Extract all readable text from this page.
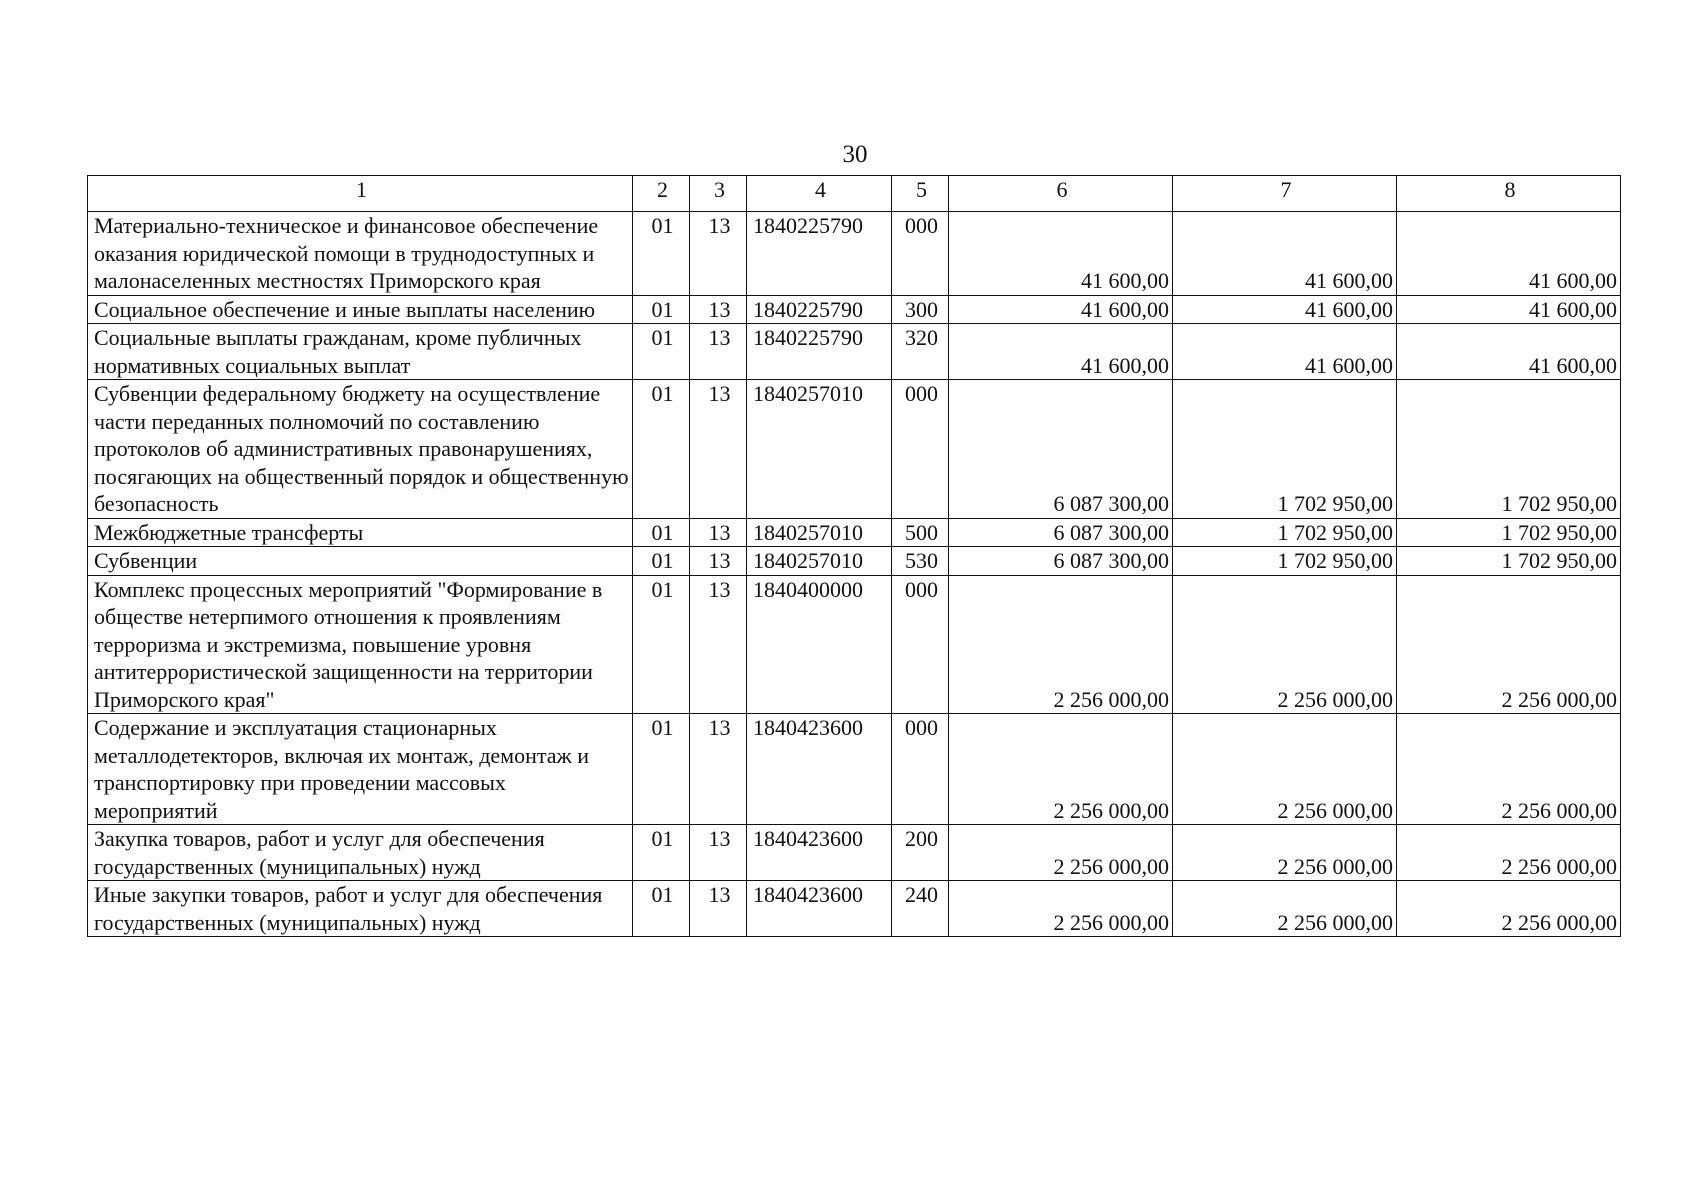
30
1	2	3	4	5	6	7	8
Материально-техническое и финансовое обеспечение оказания юридической помощи в труднодоступных и малонаселенных местностях Приморского края	01	13	1840225790	000	41 600,00	41 600,00	41 600,00
Социальное обеспечение и иные выплаты населению	01	13	1840225790	300	41 600,00	41 600,00	41 600,00
Социальные выплаты гражданам, кроме публичных нормативных социальных выплат	01	13	1840225790	320	41 600,00	41 600,00	41 600,00
Субвенции федеральному бюджету на осуществление части переданных полномочий по составлению протоколов об административных правонарушениях, посягающих на общественный порядок и общественную безопасность	01	13	1840257010	000	6 087 300,00	1 702 950,00	1 702 950,00
Межбюджетные трансферты	01	13	1840257010	500	6 087 300,00	1 702 950,00	1 702 950,00
Субвенции	01	13	1840257010	530	6 087 300,00	1 702 950,00	1 702 950,00
Комплекс процессных мероприятий "Формирование в обществе нетерпимого отношения к проявлениям терроризма и экстремизма, повышение уровня антитеррористической защищенности на территории Приморского края"	01	13	1840400000	000	2 256 000,00	2 256 000,00	2 256 000,00
Содержание и эксплуатация стационарных металлодетекторов, включая их монтаж, демонтаж и транспортировку при проведении массовых мероприятий	01	13	1840423600	000	2 256 000,00	2 256 000,00	2 256 000,00
Закупка товаров, работ и услуг для обеспечения государственных (муниципальных) нужд	01	13	1840423600	200	2 256 000,00	2 256 000,00	2 256 000,00
Иные закупки товаров, работ и услуг для обеспечения государственных (муниципальных) нужд	01	13	1840423600	240	2 256 000,00	2 256 000,00	2 256 000,00
